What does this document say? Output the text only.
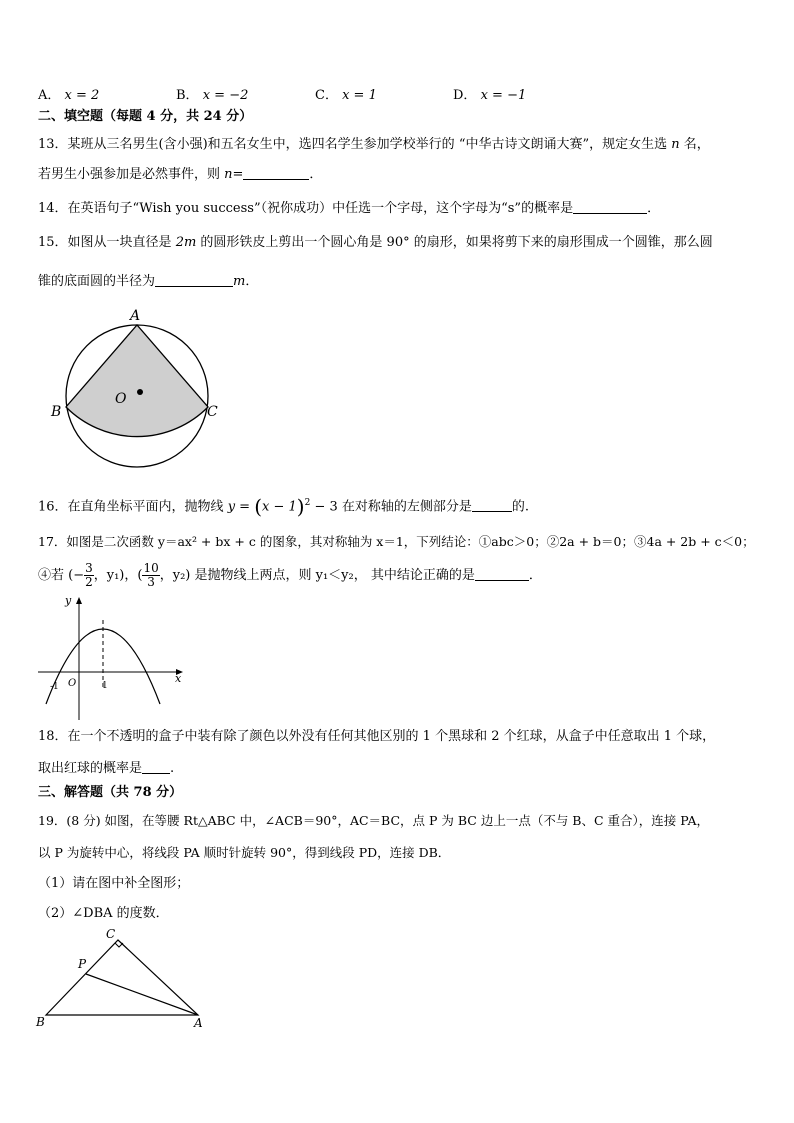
A． x = 2	B． x = −2	C． x = 1	D． x = −1
二、填空题（每题 4 分，共 24 分）
13．某班从三名男生(含小强)和五名女生中，选四名学生参加学校举行的 “中华古诗文朗诵大赛”，规定女生选 n 名，
若男生小强参加是必然事件，则 n=	．
14．在英语句子“Wish you success”（祝你成功）中任选一个字母，这个字母为“s”的概率是	．
15．如图从一块直径是 2m 的圆形铁皮上剪出一个圆心角是 90° 的扇形，如果将剪下来的扇形围成一个圆锥，那么圆
锥的底面圆的半径为	m．
A
B	C
O
16．在直角坐标平面内，抛物线 $y = (x - 1)^2 - 3$ 在对称轴的左侧部分是	的.
17．如图是二次函数 y＝ax² + bx + c 的图象，其对称轴为 x＝1，下列结论：①abc＞0；②2a + b＝0；③4a + 2b + c＜0；
④若 (− $\frac{3}{2}$ ，y₁)，( $\frac{10}{3}$ ，y₂) 是抛物线上两点，则 y₁＜y₂， 其中结论正确的是	．
y
x
O
-1	1
18．在一个不透明的盒子中装有除了颜色以外没有任何其他区别的 1 个黑球和 2 个红球，从盒子中任意取出 1 个球，
取出红球的概率是 .
三、解答题（共 78 分）
19．(8 分) 如图，在等腰 Rt△ABC 中，∠ACB＝90°，AC＝BC，点 P 为 BC 边上一点（不与 B、C 重合），连接 PA，
以 P 为旋转中心，将线段 PA 顺时针旋转 90°，得到线段 PD，连接 DB．
（1）请在图中补全图形；
（2）∠DBA 的度数．
C
P
B	A
